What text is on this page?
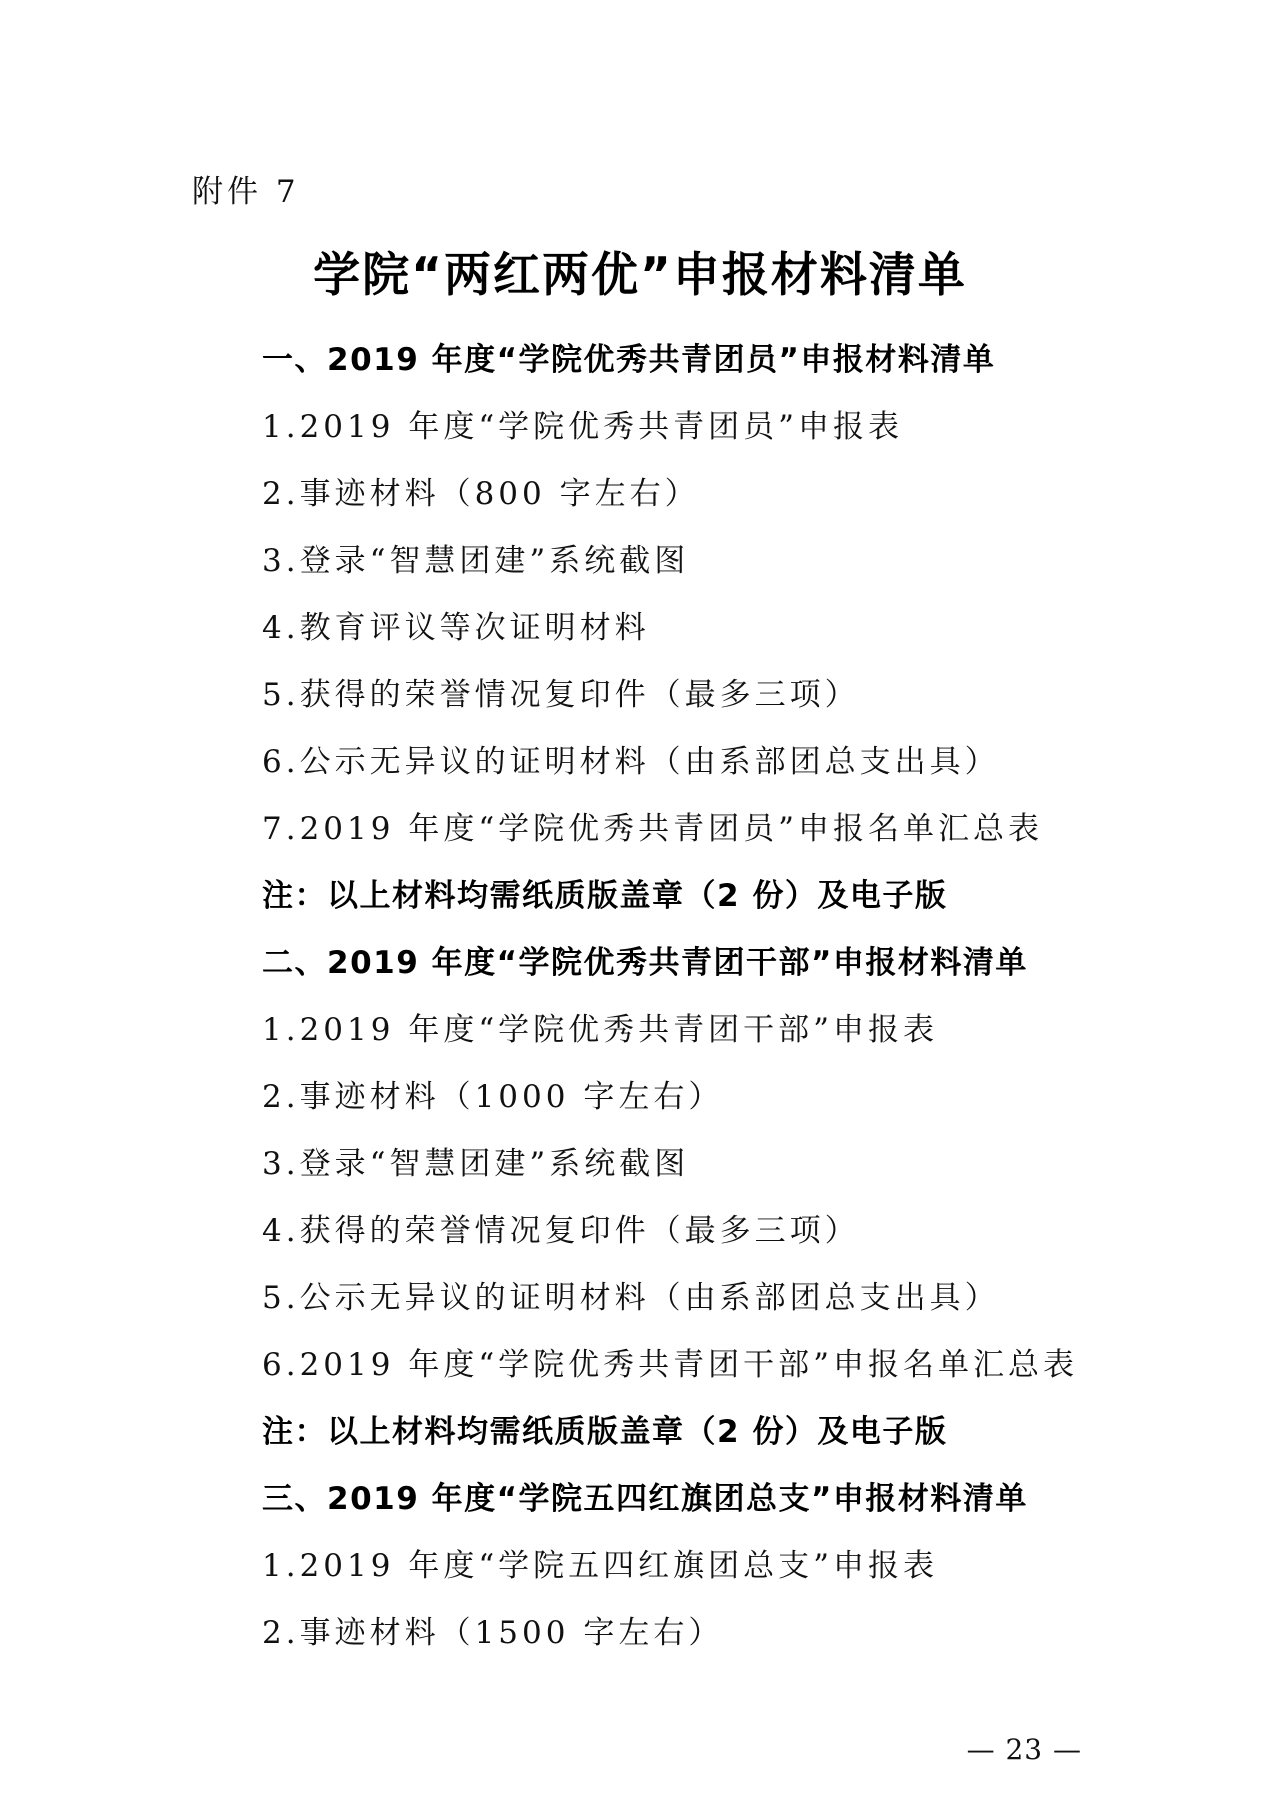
附件 7
学院“两红两优”申报材料清单
一、2019 年度“学院优秀共青团员”申报材料清单
1.2019 年度“学院优秀共青团员”申报表
2.事迹材料（800 字左右）
3.登录“智慧团建”系统截图
4.教育评议等次证明材料
5.获得的荣誉情况复印件（最多三项）
6.公示无异议的证明材料（由系部团总支出具）
7.2019 年度“学院优秀共青团员”申报名单汇总表
注：以上材料均需纸质版盖章（2 份）及电子版
二、2019 年度“学院优秀共青团干部”申报材料清单
1.2019 年度“学院优秀共青团干部”申报表
2.事迹材料（1000 字左右）
3.登录“智慧团建”系统截图
4.获得的荣誉情况复印件（最多三项）
5.公示无异议的证明材料（由系部团总支出具）
6.2019 年度“学院优秀共青团干部”申报名单汇总表
注：以上材料均需纸质版盖章（2 份）及电子版
三、2019 年度“学院五四红旗团总支”申报材料清单
1.2019 年度“学院五四红旗团总支”申报表
2.事迹材料（1500 字左右）
— 23 —
